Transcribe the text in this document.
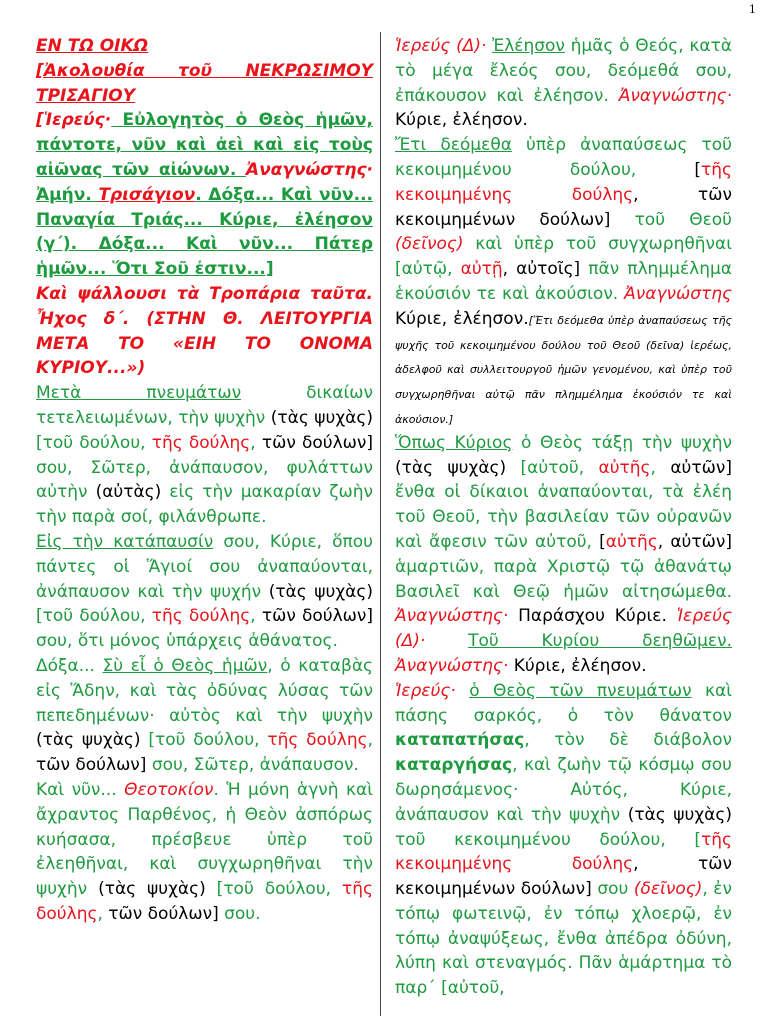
1

ΕΝ ΤΩ ΟΙΚΩ

[Ἀκολουθία τοῦ ΝΕΚΡΩΣΙΜΟΥ ΤΡΙΣΑΓΙΟΥ

[Ἱερεύς· Εὐλογητὸς ὁ Θεὸς ἡμῶν, πάντοτε, νῦν καὶ ἀεὶ καὶ εἰς τοὺς αἰῶνας τῶν αἰώνων. Ἀναγνώστης· Ἀμήν. Τρισάγιον. Δόξα... Καὶ νῦν... Παναγία Τριάς... Κύριε, ἐλέησον (γ΄). Δόξα... Καὶ νῦν... Πάτερ ἡμῶν... Ὅτι Σοῦ ἐστιν...]

Καὶ ψάλλουσι τὰ Τροπάρια ταῦτα. Ἦχος δ΄. (ΣΤΗΝ Θ. ΛΕΙΤΟΥΡΓΙΑ ΜΕΤΑ ΤΟ «ΕΙΗ ΤΟ ΟΝΟΜΑ ΚΥΡΙΟΥ...»)

Μετὰ πνευμάτων δικαίων τετελειωμένων, τὴν ψυχὴν (τὰς ψυχὰς) [τοῦ δούλου, τῆς δούλης, τῶν δούλων] σου, Σῶτερ, ἀνάπαυσον, φυλάττων αὐτὴν (αὐτὰς) εἰς τὴν μακαρίαν ζωὴν τὴν παρὰ σοί, φιλάνθρωπε.

Εἰς τὴν κατάπαυσίν σου, Κύριε, ὅπου πάντες οἱ Ἅγιοί σου ἀναπαύονται, ἀνάπαυσον καὶ τὴν ψυχήν (τὰς ψυχὰς) [τοῦ δούλου, τῆς δούλης, τῶν δούλων] σου, ὅτι μόνος ὑπάρχεις ἀθάνατος.

Δόξα... Σὺ εἶ ὁ Θεὸς ἡμῶν, ὁ καταβὰς εἰς Ἅδην, καὶ τὰς ὀδύνας λύσας τῶν πεπεδημένων· αὐτὸς καὶ τὴν ψυχὴν (τὰς ψυχὰς) [τοῦ δούλου, τῆς δούλης, τῶν δούλων] σου, Σῶτερ, ἀνάπαυσον.

Καὶ νῦν... Θεοτοκίον. Ἡ μόνη ἁγνὴ καὶ ἄχραντος Παρθένος, ἡ Θεὸν ἀσπόρως κυήσασα, πρέσβευε ὑπὲρ τοῦ ἐλεηθῆναι, καὶ συγχωρηθῆναι τὴν ψυχὴν (τὰς ψυχὰς) [τοῦ δούλου, τῆς δούλης, τῶν δούλων] σου.

Ἱερεύς (Δ)· Ἐλέησον ἡμᾶς ὁ Θεός, κατὰ τὸ μέγα ἔλεός σου, δεόμεθά σου, ἐπάκουσον καὶ ἐλέησον. Ἀναγνώστης· Κύριε, ἐλέησον.

Ἔτι δεόμεθα ὑπὲρ ἀναπαύσεως τοῦ κεκοιμημένου δούλου, [τῆς κεκοιμημένης δούλης, τῶν κεκοιμημένων δούλων] τοῦ Θεοῦ (δεῖνος) καὶ ὑπὲρ τοῦ συγχωρηθῆναι [αὐτῷ, αὐτῇ, αὐτοῖς] πᾶν πλημμέλημα ἑκούσιόν τε καὶ ἀκούσιον. Ἀναγνώστης Κύριε, ἐλέησον.[Ἔτι δεόμεθα ὑπὲρ ἀναπαύσεως τῆς ψυχῆς τοῦ κεκοιμημένου δούλου τοῦ Θεοῦ (δεῖνα) ἱερέως, ἀδελφοῦ καὶ συλλειτουργοῦ ἡμῶν γενομένου, καὶ ὑπὲρ τοῦ συγχωρηθῆναι αὐτῷ πᾶν πλημμέλημα ἑκούσιόν τε καὶ ἀκούσιον.]

Ὅπως Κύριος ὁ Θεὸς τάξῃ τὴν ψυχὴν (τὰς ψυχὰς) [αὐτοῦ, αὐτῆς, αὐτῶν] ἔνθα οἱ δίκαιοι ἀναπαύονται, τὰ ἐλέη τοῦ Θεοῦ, τὴν βασιλείαν τῶν οὐρανῶν καὶ ἄφεσιν τῶν αὐτοῦ, [αὐτῆς, αὐτῶν] ἁμαρτιῶν, παρὰ Χριστῷ τῷ ἀθανάτῳ Βασιλεῖ καὶ Θεῷ ἡμῶν αἰτησώμεθα. Ἀναγνώστης· Παράσχου Κύριε. Ἱερεύς (Δ)·	Τοῦ Κυρίου δεηθῶμεν. Ἀναγνώστης· Κύριε, ἐλέησον.

Ἱερεύς· ὁ Θεὸς τῶν πνευμάτων καὶ πάσης σαρκός, ὁ τὸν θάνατον καταπατήσας, τὸν δὲ διάβολον καταργήσας, καὶ ζωὴν τῷ κόσμῳ σου δωρησάμενος· Αὐτός, Κύριε, ἀνάπαυσον καὶ τὴν ψυχὴν (τὰς ψυχὰς) τοῦ κεκοιμημένου δούλου, [τῆς κεκοιμημένης δούλης, τῶν κεκοιμημένων δούλων] σου (δεῖνος), ἐν τόπῳ φωτεινῷ, ἐν τόπῳ χλοερῷ, ἐν τόπῳ ἀναψύξεως, ἔνθα ἀπέδρα ὀδύνη, λύπη καὶ στεναγμός. Πᾶν ἁμάρτημα τὸ παρ΄ [αὐτοῦ,
